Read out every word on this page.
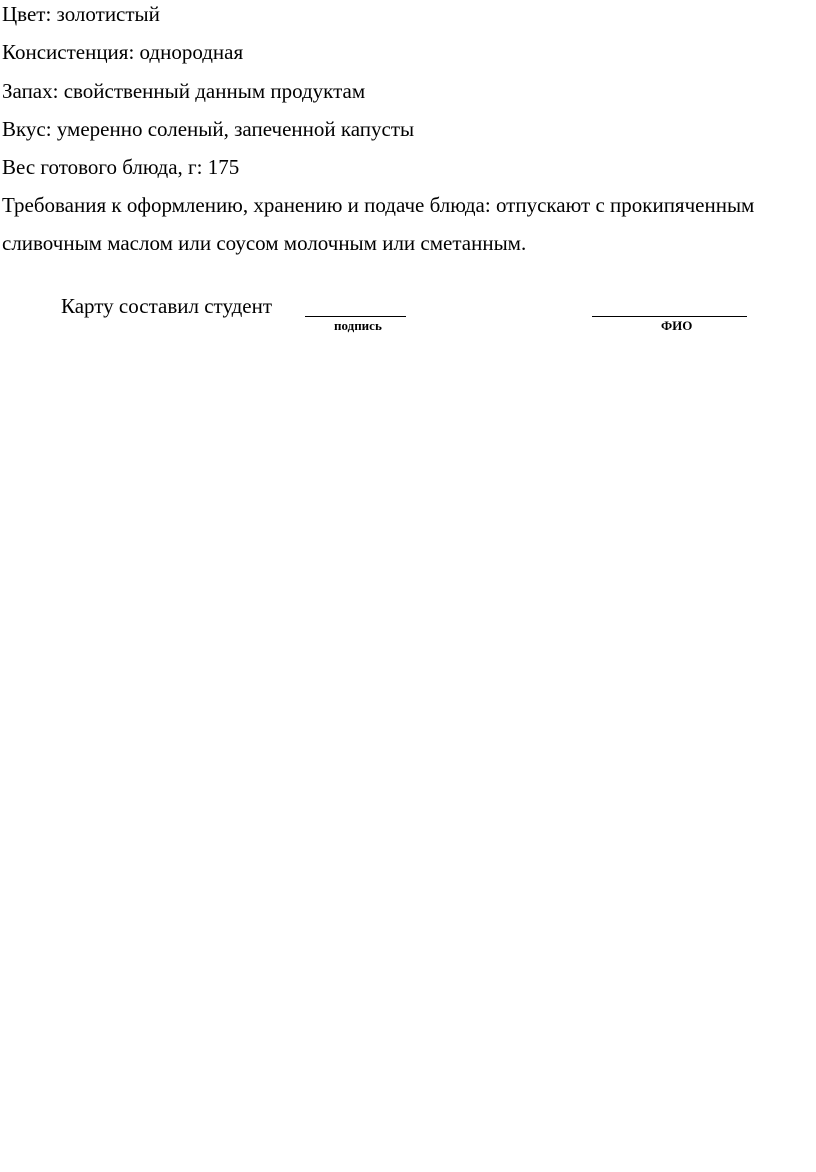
Цвет: золотистый
Консистенция: однородная
Запах: свойственный данным продуктам
Вкус: умеренно соленый, запеченной капусты
Вес готового блюда, г: 175
Требования к оформлению, хранению и подаче блюда: отпускают с прокипяченным
сливочным маслом или соусом молочным или сметанным.
Карту составил студент
подпись	ФИО
